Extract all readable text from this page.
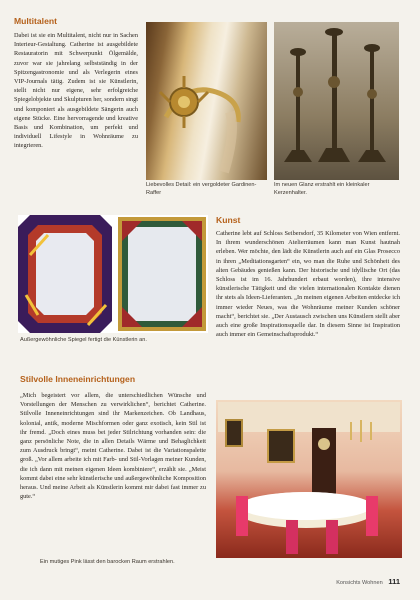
Multitalent

Dabei ist sie ein Multitalent, nicht nur in Sachen Interieur-Gestaltung. Catherine ist ausgebildete Restauratorin mit Schwerpunkt Ölgemälde, zuvor war sie jahrelang selbstständig in der Spitzengastronomie und als Verlegerin eines VIP-Journals tätig. Zudem ist sie Künstlerin, stellt nicht nur eigene, sehr erfolgreiche Spiegelobjekte und Skulpturen her, sondern singt und komponiert als ausgebildete Sängerin auch eigene Stücke. Eine hervorragende und kreative Basis und Kombination, um perfekt und individuell Lifestyle in Wohnräume zu integrieren.

Liebevolles Detail: ein vergoldeter Gardinen-Raffer

Im neuen Glanz erstrahlt ein kleinkaler Kerzenhalter.

Außergewöhnliche Spiegel fertigt die Künstlerin an.

Kunst

Catherine lebt auf Schloss Seibersdorf, 35 Kilometer von Wien entfernt. In ihrem wunderschönen Atelierräumen kann man Kunst hautnah erleben. Wer möchte, den lädt die Künstlerin auch auf ein Glas Prosecco in ihren „Meditationsgarten“ ein, wo man die Ruhe und Schönheit des alten Gebäudes genießen kann. Der historische und idyllische Ort (das Schloss ist im 16. Jahrhundert erbaut worden), ihre intensive künstlerische Tätigkeit und die vielen internationalen Kontakte dienen ihr stets als Ideen-Lieferanten. „In meinen eigenen Arbeiten entdecke ich immer wieder Neues, was die Wohnräume meiner Kunden schöner macht“, berichtet sie. „Der Austausch zwischen uns Künstlern stellt aber auch eine große Inspirationsquelle dar. In diesem Sinne ist Inspiration auch immer ein Gemeinschaftsprodukt.“

Stilvolle Inneneinrichtungen

„Mich begeistert vor allem, die unterschiedlichen Wünsche und Vorstellungen der Menschen zu verwirklichen“, berichtet Catherine. Stilvolle Inneneinrichtungen sind ihr Markenzeichen. Ob Landhaus, kolonial, antik, moderne Mischformen oder ganz exotisch, kein Stil ist ihr fremd. „Doch eines muss bei jeder Stilrichtung vorhanden sein: die ganz persönliche Note, die in allen Details Wärme und Behaglichkeit zum Ausdruck bringt“, meint Catherine. Dabei ist die Variationspalette groß. „Vor allem arbeite ich mit Farb- und Stil-Vorlagen meiner Kunden, die ich dann mit meinen eigenen Ideen kombiniere“, erzählt sie. „Meist kommt dabei eine sehr künstlerische und außergewöhnliche Komposition heraus. Und meine Arbeit als Künstlerin kommt mir dabei fast immer zu gute.“

Ein mutiges Pink lässt den barocken Raum erstrahlen.

Konsichts Wohnen 111
